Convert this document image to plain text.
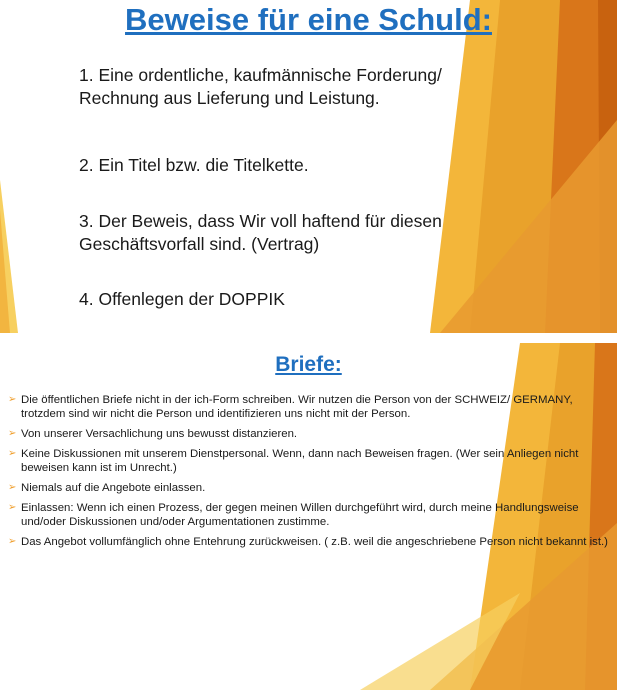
Beweise für eine Schuld:
1. Eine ordentliche, kaufmännische Forderung/ Rechnung aus Lieferung und Leistung.
2. Ein Titel bzw. die Titelkette.
3. Der Beweis, dass Wir voll haftend für diesen Geschäftsvorfall sind. (Vertrag)
4. Offenlegen der DOPPIK
Briefe:
➢ Die öffentlichen Briefe nicht in der ich-Form schreiben. Wir nutzen die Person von der SCHWEIZ/ GERMANY, trotzdem sind wir nicht die Person und identifizieren uns nicht mit der Person.
➢ Von unserer Versachlichung uns bewusst distanzieren.
➢ Keine Diskussionen mit unserem Dienstpersonal. Wenn, dann nach Beweisen fragen. (Wer sein Anliegen nicht beweisen kann ist im Unrecht.)
➢ Niemals auf die Angebote einlassen.
➢ Einlassen: Wenn ich einen Prozess, der gegen meinen Willen durchgeführt wird, durch meine Handlungsweise und/oder Diskussionen und/oder Argumentationen zustimme.
➢ Das Angebot vollumfänglich ohne Entehrung zurückweisen. ( z.B. weil die angeschriebene Person nicht bekannt ist.)
